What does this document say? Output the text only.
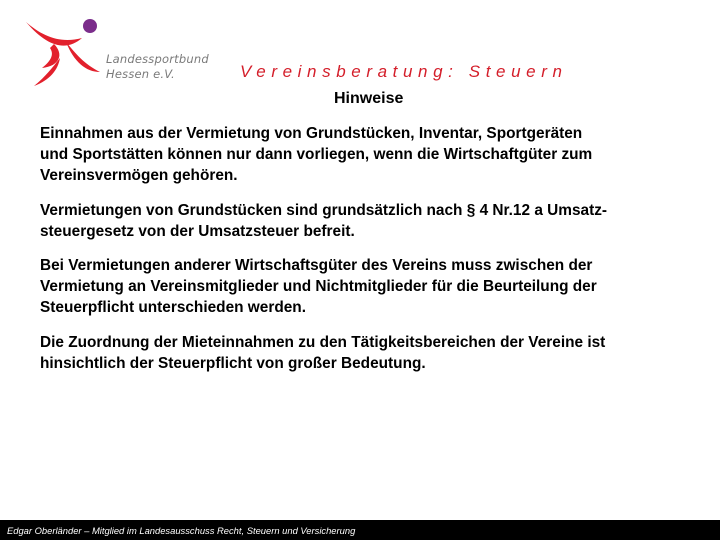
Landessportbund
Hessen e.V.	Vereinsberatung: Steuern
Hinweise

Einnahmen aus der Vermietung von Grundstücken, Inventar, Sportgeräten
und Sportstätten können nur dann vorliegen, wenn die Wirtschaftgüter zum
Vereinsvermögen gehören.

Vermietungen von Grundstücken sind grundsätzlich nach § 4 Nr.12 a Umsatz-
steuergesetz von der Umsatzsteuer befreit.

Bei Vermietungen anderer Wirtschaftsgüter des Vereins muss zwischen der
Vermietung an Vereinsmitglieder und Nichtmitglieder für die Beurteilung der
Steuerpflicht unterschieden werden.

Die Zuordnung der Mieteinnahmen zu den Tätigkeitsbereichen der Vereine ist
hinsichtlich der Steuerpflicht von großer Bedeutung.

Edgar Oberländer – Mitglied im Landesausschuss Recht, Steuern und Versicherung
